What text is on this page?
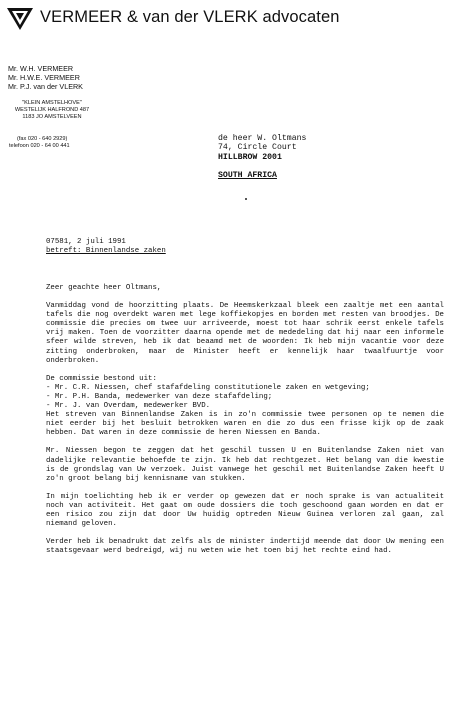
VERMEER & van der VLERK advocaten
Mr. W.H. VERMEER
Mr. H.W.E. VERMEER
Mr. P.J. van der VLERK
"KLEIN AMSTELHOVE"
WESTELIJK HALFROND 487
1183 JO AMSTELVEEN
(fax 020 - 640 2929)
telefoon 020 - 64 00 441
de heer W. Oltmans
74, Circle Court
HILLBROW 2001
SOUTH AFRICA
07581, 2 juli 1991
betreft: Binnenlandse zaken

Zeer geachte heer Oltmans,

Vanmiddag vond de hoorzitting plaats. De Heemskerkzaal bleek een zaaltje met een aantal tafels die nog overdekt waren met lege koffiekopjes en borden met resten van broodjes. De commissie die precies om twee uur arriveerde, moest tot haar schrik eerst enkele tafels vrij maken. Toen de voorzitter daarna opende met de mededeling dat hij naar een informele sfeer wilde streven, heb ik dat beaamd met de woorden: Ik heb mijn vacantie voor deze zitting onderbroken, maar de Minister heeft er kennelijk haar twaalfuurtje voor onderbroken.

De commissie bestond uit:

- Mr. C.R. Niessen, chef stafafdeling constitutionele zaken en wetgeving;

- Mr. P.H. Banda, medewerker van deze stafafdeling;

- Mr. J. van Overdam, medewerker BVD.

Het streven van Binnenlandse Zaken is in zo'n commissie twee personen op te nemen die niet eerder bij het besluit betrokken waren en die zo dus een frisse kijk op de zaak hebben. Dat waren in deze commissie de heren Niessen en Banda.

Mr. Niessen begon te zeggen dat het geschil tussen U en Buitenlandse Zaken niet van dadelijke relevantie behoefde te zijn. Ik heb dat rechtgezet. Het belang van die kwestie is de grondslag van Uw verzoek. Juist vanwege het geschil met Buitenlandse Zaken heeft U zo'n groot belang bij kennisname van stukken.

In mijn toelichting heb ik er verder op gewezen dat er noch sprake is van actualiteit noch van activiteit. Het gaat om oude dossiers die toch geschoond gaan worden en dat er een risico zou zijn dat door Uw huidig optreden Nieuw Guinea verloren zal gaan, zal niemand geloven.

Verder heb ik benadrukt dat zelfs als de minister indertijd meende dat door Uw mening een staatsgevaar werd bedreigd, wij nu weten wie het toen bij het rechte eind had.
